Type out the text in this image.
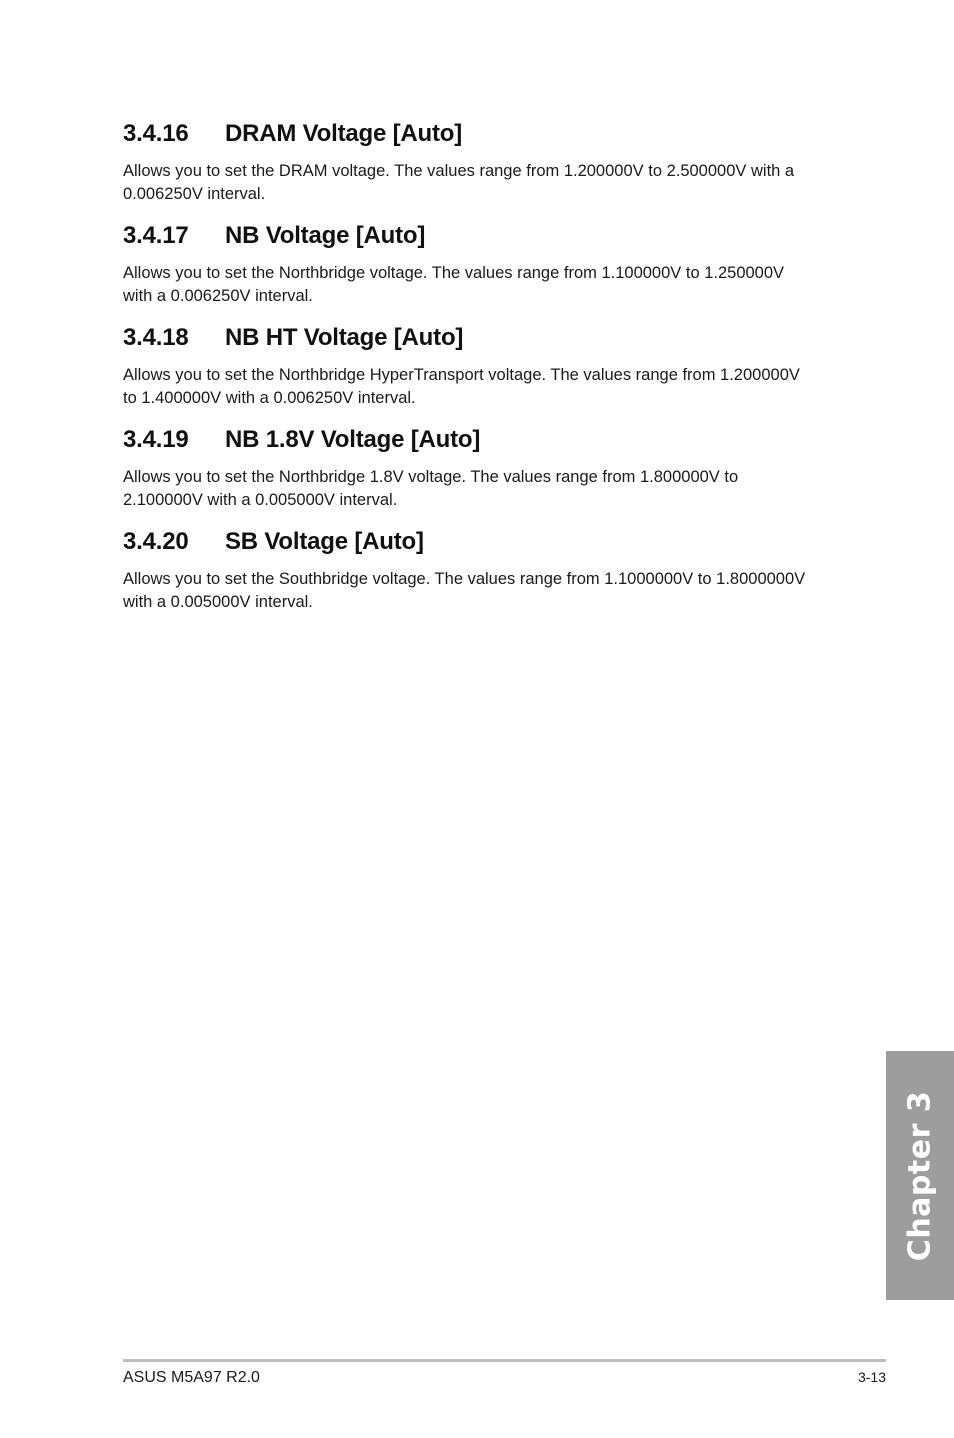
3.4.16	DRAM Voltage [Auto]
Allows you to set the DRAM voltage. The values range from 1.200000V to 2.500000V with a
0.006250V interval.
3.4.17	NB Voltage [Auto]
Allows you to set the Northbridge voltage. The values range from 1.100000V to 1.250000V
with a 0.006250V interval.
3.4.18	NB HT Voltage [Auto]
Allows you to set the Northbridge HyperTransport voltage. The values range from 1.200000V
to 1.400000V with a 0.006250V interval.
3.4.19	NB 1.8V Voltage [Auto]
Allows you to set the Northbridge 1.8V voltage. The values range from 1.800000V to
2.100000V with a 0.005000V interval.
3.4.20	SB Voltage [Auto]
Allows you to set the Southbridge voltage. The values range from 1.1000000V to 1.8000000V
with a 0.005000V interval.
Chapter 3
ASUS M5A97 R2.0	3-13
